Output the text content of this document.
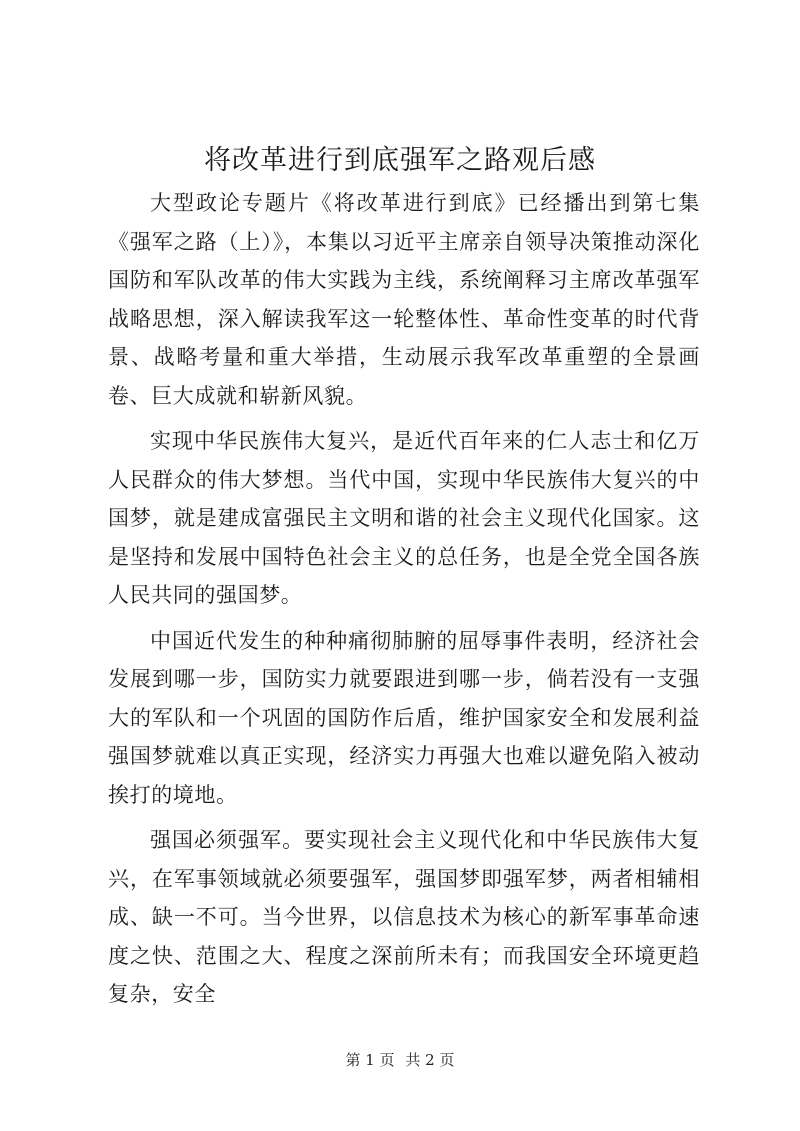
将改革进行到底强军之路观后感

大型政论专题片《将改革进行到底》已经播出到第七集《强军之路（上）》，本集以习近平主席亲自领导决策推动深化国防和军队改革的伟大实践为主线，系统阐释习主席改革强军战略思想，深入解读我军这一轮整体性、革命性变革的时代背景、战略考量和重大举措，生动展示我军改革重塑的全景画卷、巨大成就和崭新风貌。

实现中华民族伟大复兴，是近代百年来的仁人志士和亿万人民群众的伟大梦想。当代中国，实现中华民族伟大复兴的中国梦，就是建成富强民主文明和谐的社会主义现代化国家。这是坚持和发展中国特色社会主义的总任务，也是全党全国各族人民共同的强国梦。

中国近代发生的种种痛彻肺腑的屈辱事件表明，经济社会发展到哪一步，国防实力就要跟进到哪一步，倘若没有一支强大的军队和一个巩固的国防作后盾，维护国家安全和发展利益强国梦就难以真正实现，经济实力再强大也难以避免陷入被动挨打的境地。

强国必须强军。要实现社会主义现代化和中华民族伟大复兴，在军事领域就必须要强军，强国梦即强军梦，两者相辅相成、缺一不可。当今世界，以信息技术为核心的新军事革命速度之快、范围之大、程度之深前所未有；而我国安全环境更趋复杂，安全

第 1 页 共 2 页
